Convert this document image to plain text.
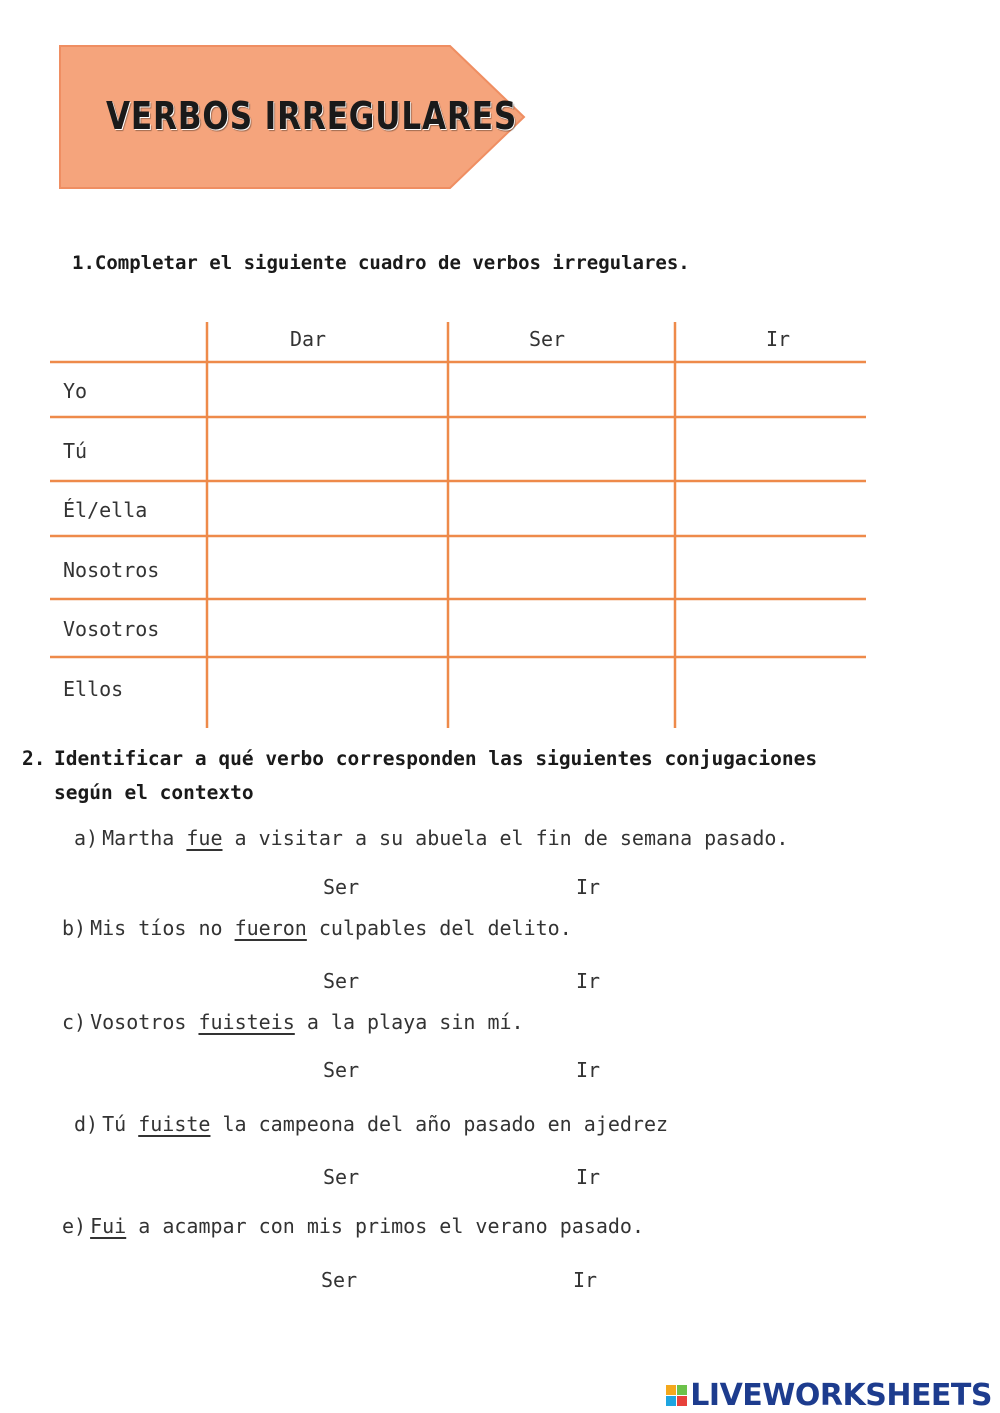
VERBOS IRREGULARES
1.Completar el siguiente cuadro de verbos irregulares.
Dar	Ser	Ir
Yo
Tú
Él/ella
Nosotros
Vosotros
Ellos
2. Identificar a qué verbo corresponden las siguientes conjugaciones
según el contexto
a) Martha fue a visitar a su abuela el fin de semana pasado.
Ser	Ir
b) Mis tíos no fueron culpables del delito.
Ser	Ir
c) Vosotros fuisteis a la playa sin mí.
Ser	Ir
d) Tú fuiste la campeona del año pasado en ajedrez
Ser	Ir
e) Fui a acampar con mis primos el verano pasado.
Ser	Ir
LIVEWORKSHEETS
